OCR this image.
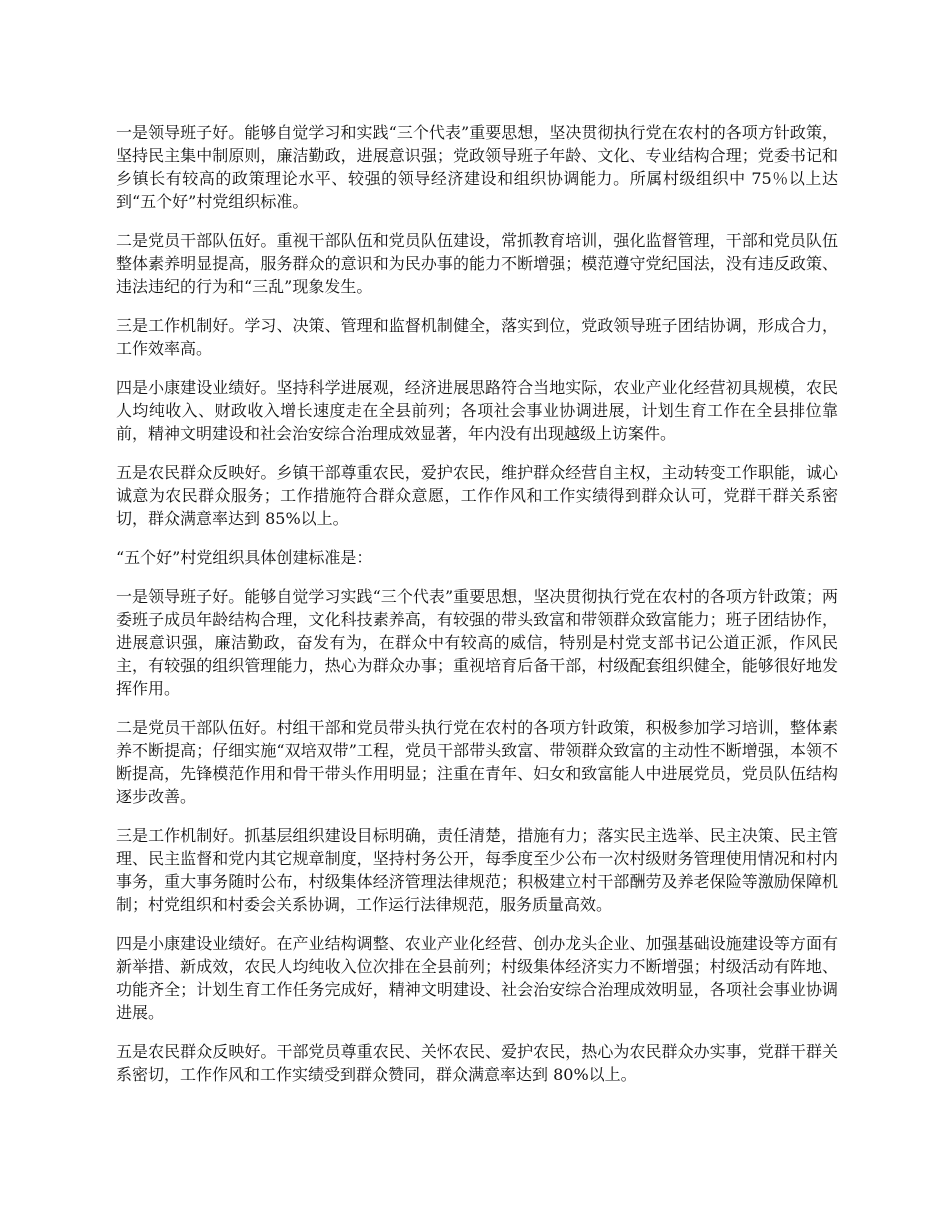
一是领导班子好。能够自觉学习和实践“三个代表”重要思想，坚决贯彻执行党在农村的各项方针政策，坚持民主集中制原则，廉洁勤政，进展意识强；党政领导班子年龄、文化、专业结构合理；党委书记和乡镇长有较高的政策理论水平、较强的领导经济建设和组织协调能力。所属村级组织中 75％以上达到“五个好”村党组织标准。

二是党员干部队伍好。重视干部队伍和党员队伍建设，常抓教育培训，强化监督管理，干部和党员队伍整体素养明显提高，服务群众的意识和为民办事的能力不断增强；模范遵守党纪国法，没有违反政策、违法违纪的行为和“三乱”现象发生。

三是工作机制好。学习、决策、管理和监督机制健全，落实到位，党政领导班子团结协调，形成合力，工作效率高。

四是小康建设业绩好。坚持科学进展观，经济进展思路符合当地实际，农业产业化经营初具规模，农民人均纯收入、财政收入增长速度走在全县前列；各项社会事业协调进展，计划生育工作在全县排位靠前，精神文明建设和社会治安综合治理成效显著，年内没有出现越级上访案件。

五是农民群众反映好。乡镇干部尊重农民，爱护农民，维护群众经营自主权，主动转变工作职能，诚心诚意为农民群众服务；工作措施符合群众意愿，工作作风和工作实绩得到群众认可，党群干群关系密切，群众满意率达到 85%以上。

“五个好”村党组织具体创建标准是：

一是领导班子好。能够自觉学习实践“三个代表”重要思想，坚决贯彻执行党在农村的各项方针政策；两委班子成员年龄结构合理，文化科技素养高，有较强的带头致富和带领群众致富能力；班子团结协作，进展意识强，廉洁勤政，奋发有为，在群众中有较高的威信，特别是村党支部书记公道正派，作风民主，有较强的组织管理能力，热心为群众办事；重视培育后备干部，村级配套组织健全，能够很好地发挥作用。

二是党员干部队伍好。村组干部和党员带头执行党在农村的各项方针政策，积极参加学习培训，整体素养不断提高；仔细实施“双培双带”工程，党员干部带头致富、带领群众致富的主动性不断增强，本领不断提高，先锋模范作用和骨干带头作用明显；注重在青年、妇女和致富能人中进展党员，党员队伍结构逐步改善。

三是工作机制好。抓基层组织建设目标明确，责任清楚，措施有力；落实民主选举、民主决策、民主管理、民主监督和党内其它规章制度，坚持村务公开，每季度至少公布一次村级财务管理使用情况和村内事务，重大事务随时公布，村级集体经济管理法律规范；积极建立村干部酬劳及养老保险等激励保障机制；村党组织和村委会关系协调，工作运行法律规范，服务质量高效。

四是小康建设业绩好。在产业结构调整、农业产业化经营、创办龙头企业、加强基础设施建设等方面有新举措、新成效，农民人均纯收入位次排在全县前列；村级集体经济实力不断增强；村级活动有阵地、功能齐全；计划生育工作任务完成好，精神文明建设、社会治安综合治理成效明显，各项社会事业协调进展。

五是农民群众反映好。干部党员尊重农民、关怀农民、爱护农民，热心为农民群众办实事，党群干群关系密切，工作作风和工作实绩受到群众赞同，群众满意率达到 80%以上。
